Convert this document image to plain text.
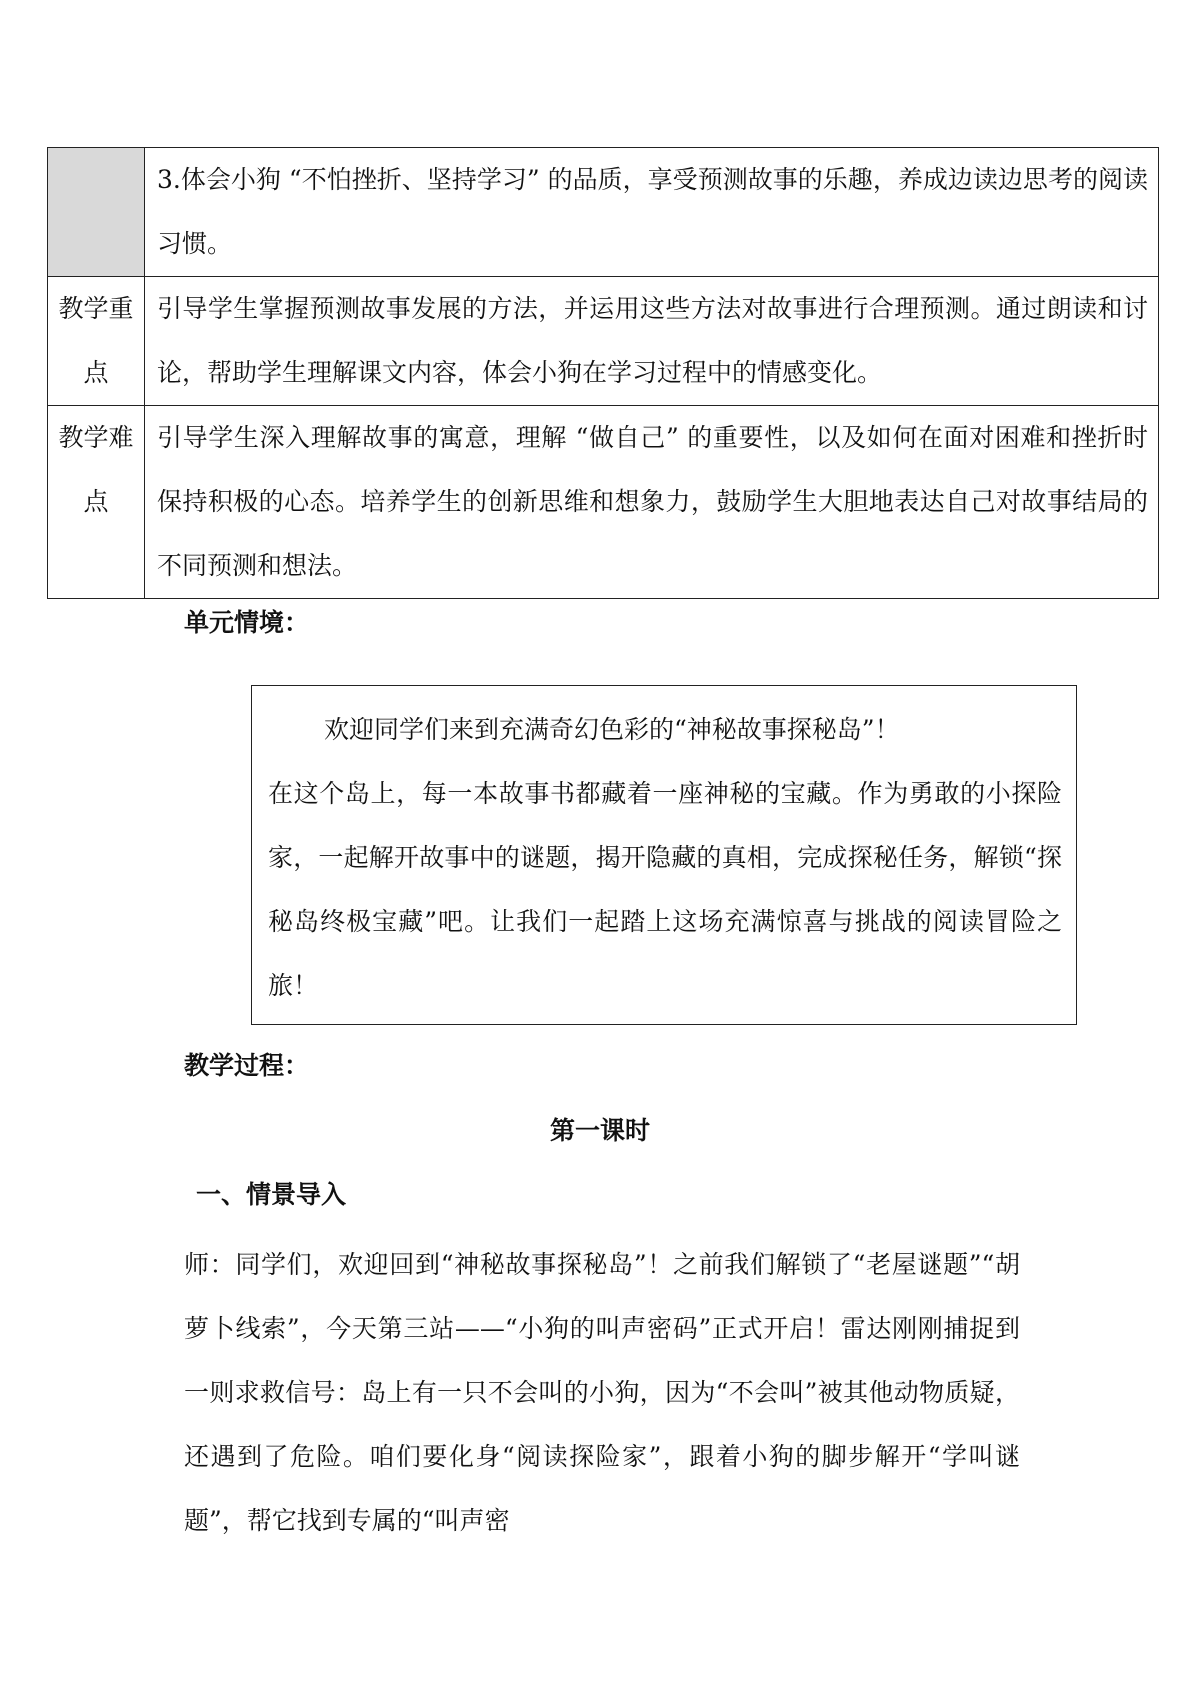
	3.体会小狗 “不怕挫折、坚持学习” 的品质，享受预测故事的乐趣，养成边读边思考的阅读习惯。
教学重点	引导学生掌握预测故事发展的方法，并运用这些方法对故事进行合理预测。通过朗读和讨论，帮助学生理解课文内容，体会小狗在学习过程中的情感变化。
教学难点	引导学生深入理解故事的寓意，理解 “做自己” 的重要性，以及如何在面对困难和挫折时保持积极的心态。培养学生的创新思维和想象力，鼓励学生大胆地表达自己对故事结局的不同预测和想法。
单元情境：

欢迎同学们来到充满奇幻色彩的“神秘故事探秘岛”！

在这个岛上，每一本故事书都藏着一座神秘的宝藏。作为勇敢的小探险家，一起解开故事中的谜题，揭开隐藏的真相，完成探秘任务，解锁“探秘岛终极宝藏”吧。让我们一起踏上这场充满惊喜与挑战的阅读冒险之旅！

教学过程：
第一课时
一、情景导入

师：同学们，欢迎回到“神秘故事探秘岛”！之前我们解锁了“老屋谜题”“胡萝卜线索”，今天第三站——“小狗的叫声密码”正式开启！雷达刚刚捕捉到一则求救信号：岛上有一只不会叫的小狗，因为“不会叫”被其他动物质疑，还遇到了危险。咱们要化身“阅读探险家”，跟着小狗的脚步解开“学叫谜题”，帮它找到专属的“叫声密
